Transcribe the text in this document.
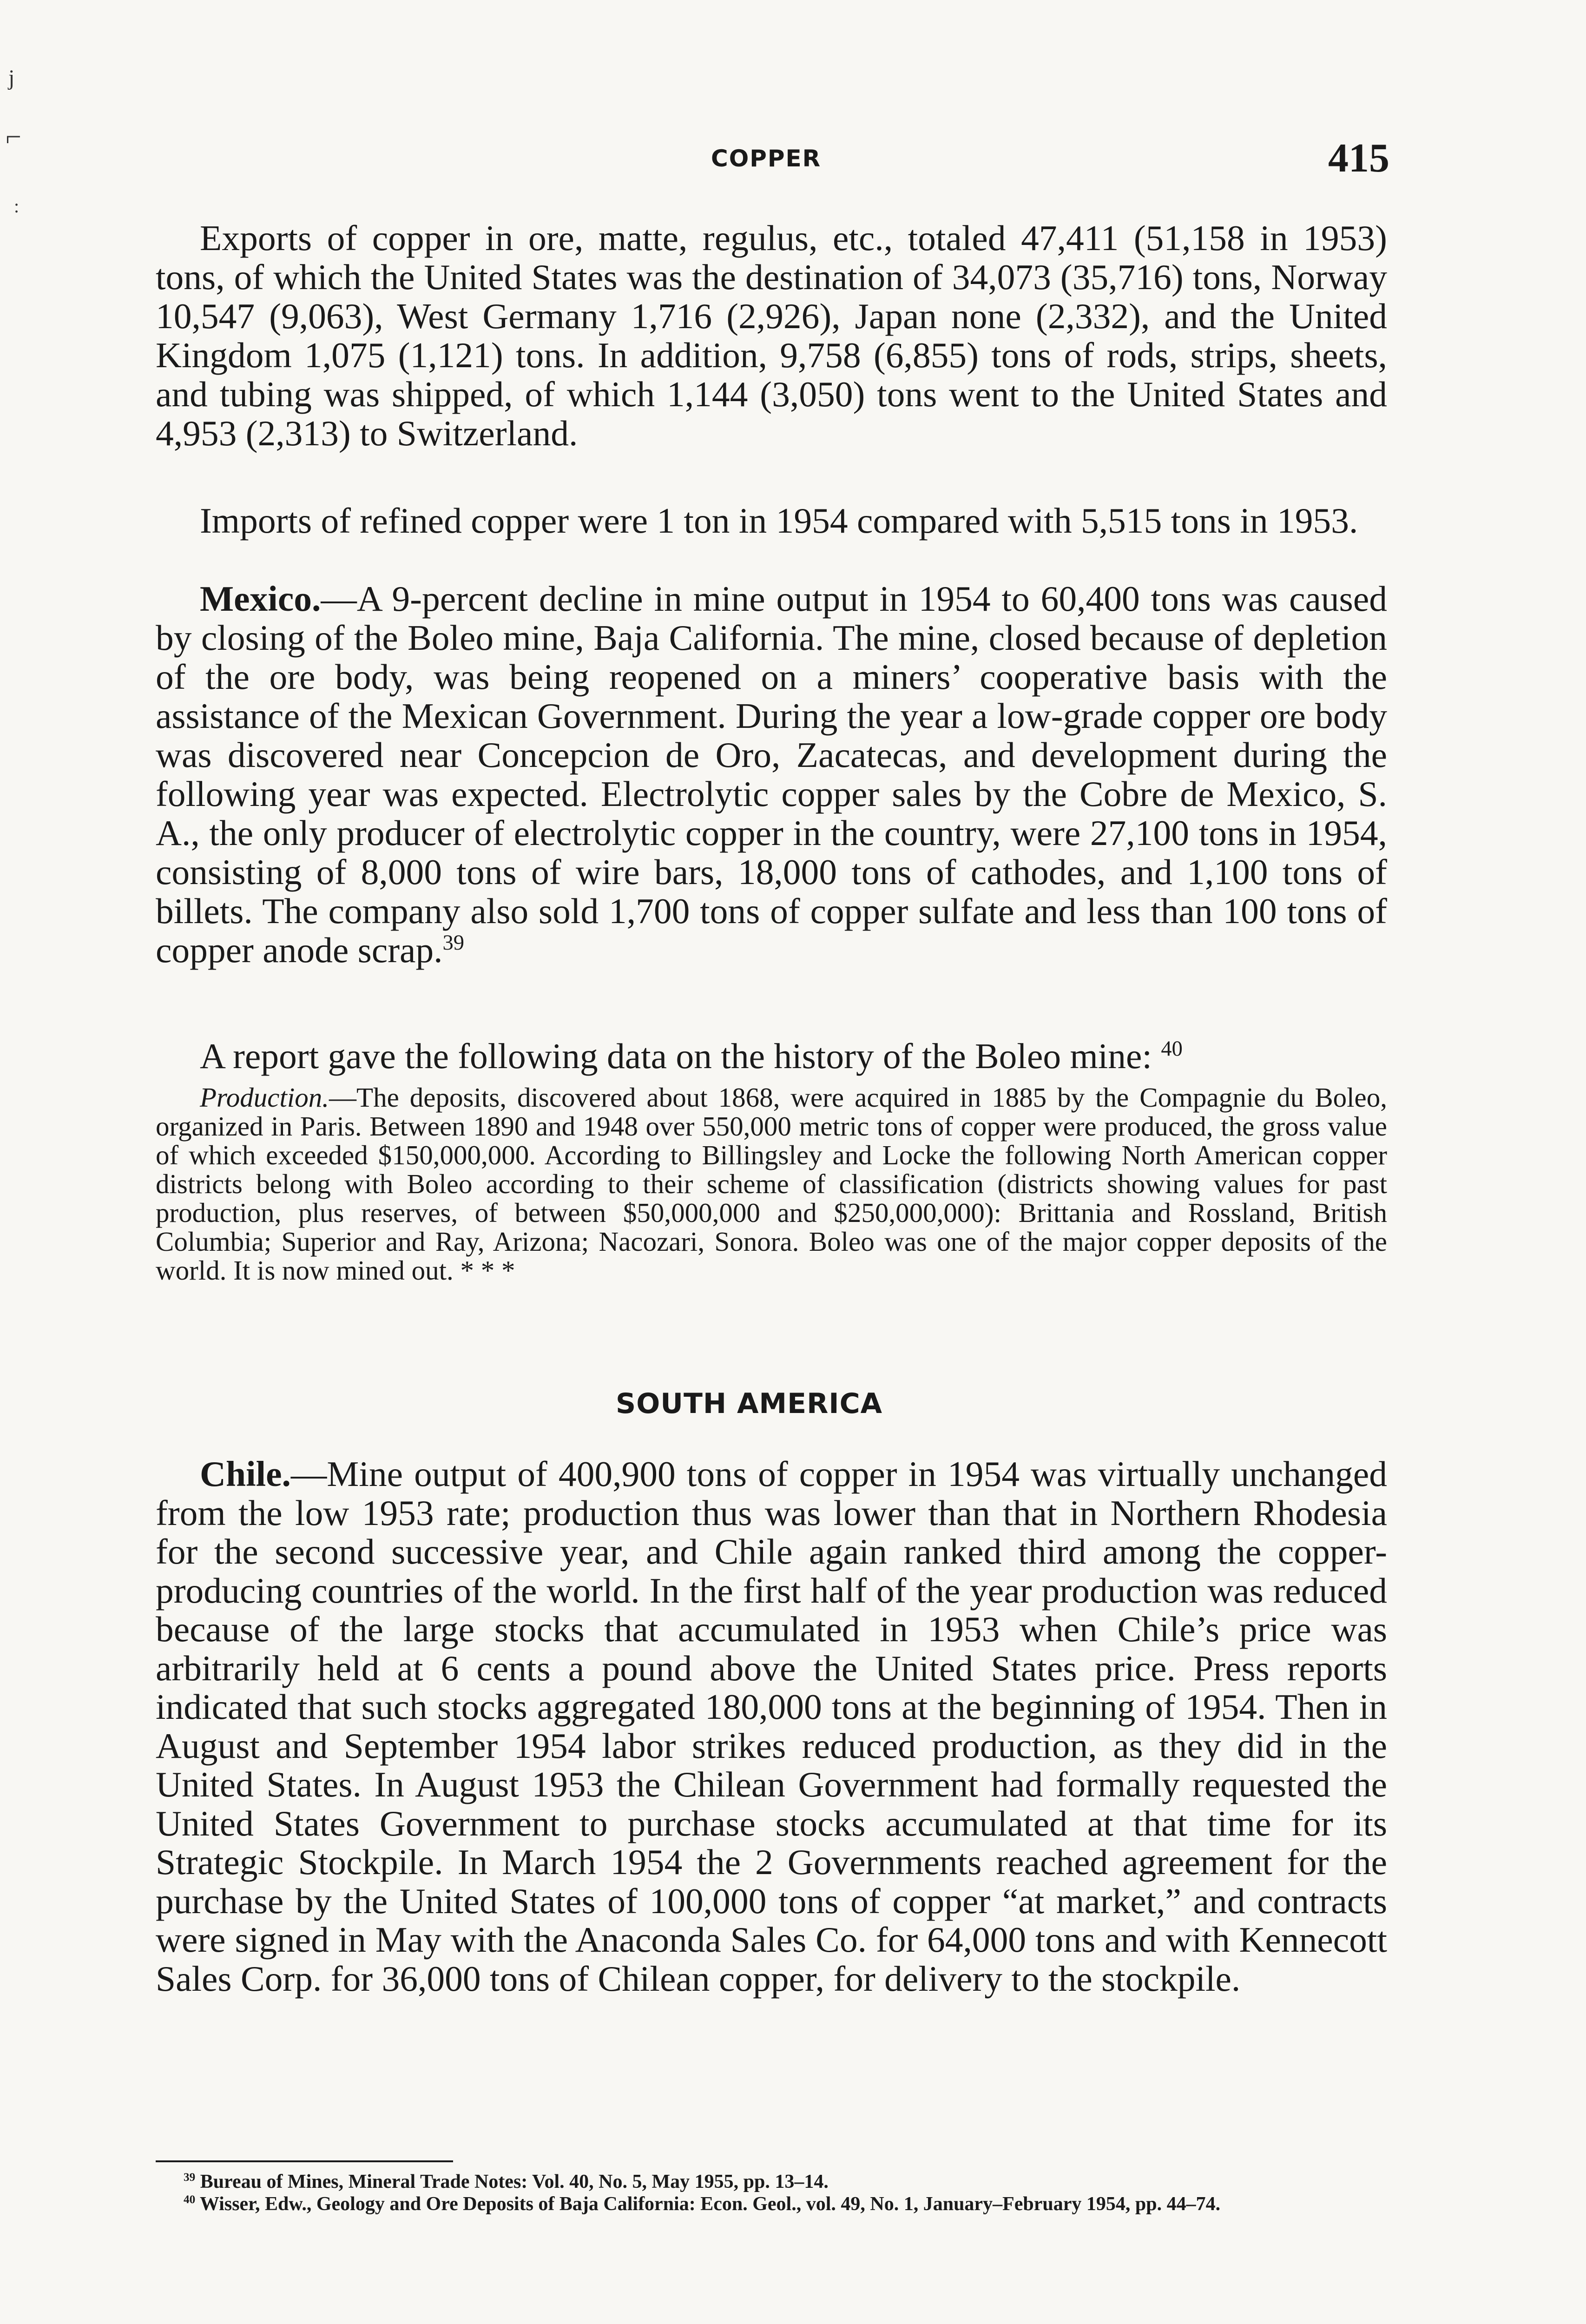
j
⌐
:
COPPER	415

Exports of copper in ore, matte, regulus, etc., totaled 47,411 (51,158 in 1953) tons, of which the United States was the destination of 34,073 (35,716) tons, Norway 10,547 (9,063), West Germany 1,716 (2,926), Japan none (2,332), and the United Kingdom 1,075 (1,121) tons. In addition, 9,758 (6,855) tons of rods, strips, sheets, and tubing was shipped, of which 1,144 (3,050) tons went to the United States and 4,953 (2,313) to Switzerland.

Imports of refined copper were 1 ton in 1954 compared with 5,515 tons in 1953.

Mexico.—A 9-percent decline in mine output in 1954 to 60,400 tons was caused by closing of the Boleo mine, Baja California. The mine, closed because of depletion of the ore body, was being reopened on a miners’ cooperative basis with the assistance of the Mexican Government. During the year a low-grade copper ore body was discovered near Concepcion de Oro, Zacatecas, and development during the following year was expected. Electrolytic copper sales by the Cobre de Mexico, S. A., the only producer of electrolytic copper in the country, were 27,100 tons in 1954, consisting of 8,000 tons of wire bars, 18,000 tons of cathodes, and 1,100 tons of billets. The company also sold 1,700 tons of copper sulfate and less than 100 tons of copper anode scrap.$^{39}$

A report gave the following data on the history of the Boleo mine: $^{40}$

Production.—The deposits, discovered about 1868, were acquired in 1885 by the Compagnie du Boleo, organized in Paris. Between 1890 and 1948 over 550,000 metric tons of copper were produced, the gross value of which exceeded $150,000,000. According to Billingsley and Locke the following North American copper districts belong with Boleo according to their scheme of classification (districts showing values for past production, plus reserves, of between $50,000,000 and $250,000,000): Brittania and Rossland, British Columbia; Superior and Ray, Arizona; Nacozari, Sonora. Boleo was one of the major copper deposits of the world. It is now mined out. * * *

SOUTH AMERICA

Chile.—Mine output of 400,900 tons of copper in 1954 was virtually unchanged from the low 1953 rate; production thus was lower than that in Northern Rhodesia for the second successive year, and Chile again ranked third among the copper-producing countries of the world. In the first half of the year production was reduced because of the large stocks that accumulated in 1953 when Chile’s price was arbitrarily held at 6 cents a pound above the United States price. Press reports indicated that such stocks aggregated 180,000 tons at the beginning of 1954. Then in August and September 1954 labor strikes reduced production, as they did in the United States. In August 1953 the Chilean Government had formally requested the United States Government to purchase stocks accumulated at that time for its Strategic Stockpile. In March 1954 the 2 Governments reached agreement for the purchase by the United States of 100,000 tons of copper “at market,” and contracts were signed in May with the Anaconda Sales Co. for 64,000 tons and with Kennecott Sales Corp. for 36,000 tons of Chilean copper, for delivery to the stockpile.

$^{39}$ Bureau of Mines, Mineral Trade Notes: Vol. 40, No. 5, May 1955, pp. 13–14.

$^{40}$ Wisser, Edw., Geology and Ore Deposits of Baja California: Econ. Geol., vol. 49, No. 1, January–February 1954, pp. 44–74.
